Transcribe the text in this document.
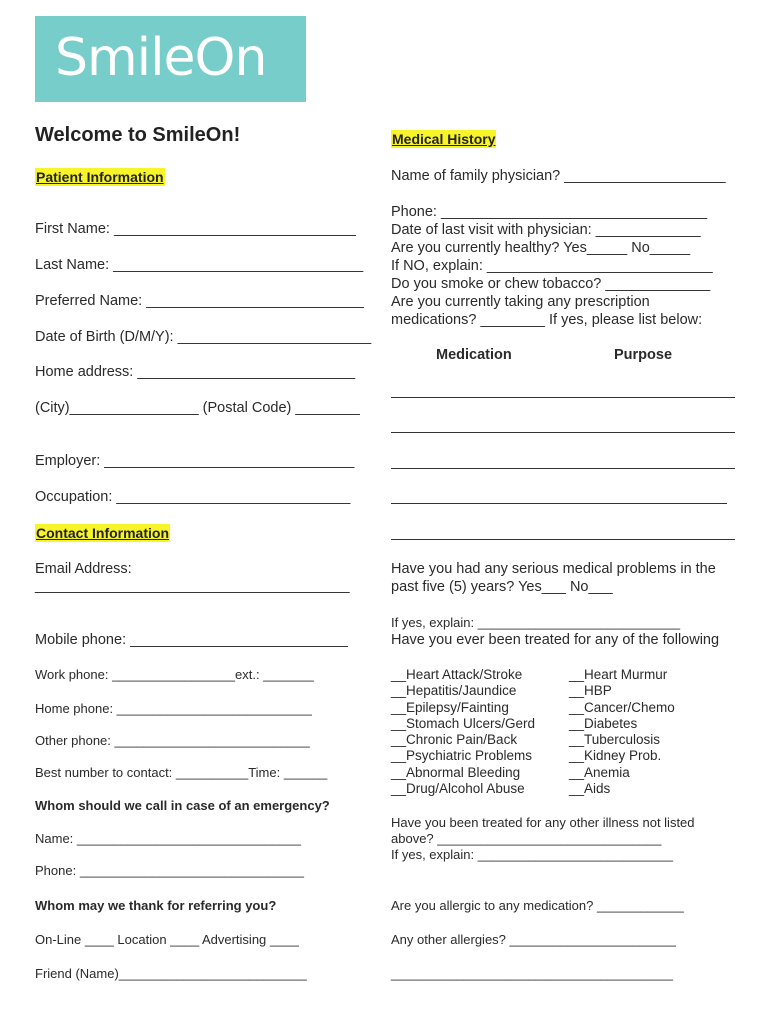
SmileOn
Welcome to SmileOn!
Patient Information
First Name: ______________________________
Last Name: _______________________________
Preferred Name: ___________________________
Date of Birth (D/M/Y): ________________________
Home address: ___________________________
(City)________________ (Postal Code) ________
Employer: _______________________________
Occupation: _____________________________
Contact Information
Email Address:
_______________________________________
Mobile phone: ___________________________
Work phone: _________________ext.: _______
Home phone: ___________________________
Other phone: ___________________________
Best number to contact: __________Time: ______
Whom should we call in case of an emergency?
Name: _______________________________
Phone: _______________________________
Whom may we thank for referring you?
On-Line ____ Location ____ Advertising ____
Friend (Name)__________________________
Medical History
Name of family physician? ____________________
Phone: _________________________________
Date of last visit with physician: _____________
Are you currently healthy? Yes_____ No_____
If NO, explain: ____________________________
Do you smoke or chew tobacco? _____________
Are you currently taking any prescription
medications? ________ If yes, please list below:
Medication	Purpose
Have you had any serious medical problems in the
past five (5) years? Yes___ No___
If yes, explain: ____________________________
Have you ever been treated for any of the following
__Heart Attack/Stroke
__Hepatitis/Jaundice
__Epilepsy/Fainting
__Stomach Ulcers/Gerd
__Chronic Pain/Back
__Psychiatric Problems
__Abnormal Bleeding
__Drug/Alcohol Abuse
__Heart Murmur
__HBP
__Cancer/Chemo
__Diabetes
__Tuberculosis
__Kidney Prob.
__Anemia
__Aids
Have you been treated for any other illness not listed
above? _______________________________
If yes, explain: ___________________________
Are you allergic to any medication? ____________
Any other allergies? _______________________
_______________________________________
